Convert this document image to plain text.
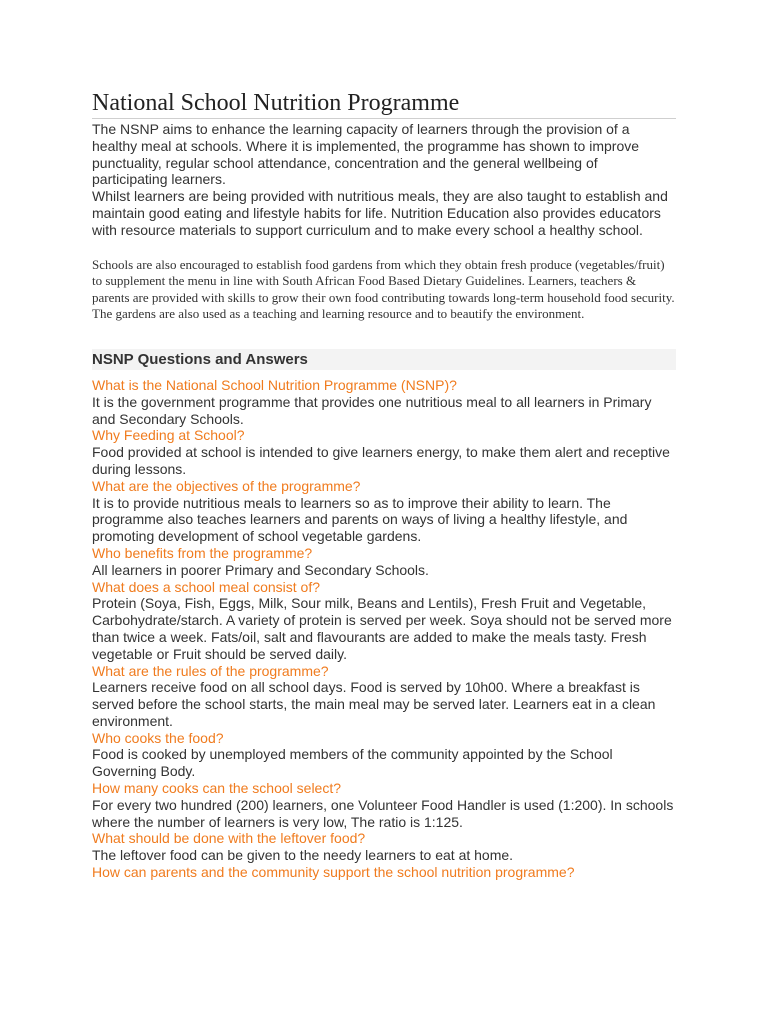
National School Nutrition Programme

The NSNP aims to enhance the learning capacity of learners through the provision of a healthy meal at schools. Where it is implemented, the programme has shown to improve punctuality, regular school attendance, concentration and the general wellbeing of participating learners.

Whilst learners are being provided with nutritious meals, they are also taught to establish and maintain good eating and lifestyle habits for life. Nutrition Education also provides educators with resource materials to support curriculum and to make every school a healthy school.

Schools are also encouraged to establish food gardens from which they obtain fresh produce (vegetables/fruit) to supplement the menu in line with South African Food Based Dietary Guidelines. Learners, teachers & parents are provided with skills to grow their own food contributing towards long-term household food security. The gardens are also used as a teaching and learning resource and to beautify the environment.

NSNP Questions and Answers

What is the National School Nutrition Programme (NSNP)?

It is the government programme that provides one nutritious meal to all learners in Primary and Secondary Schools.

Why Feeding at School?

Food provided at school is intended to give learners energy, to make them alert and receptive during lessons.

What are the objectives of the programme?

It is to provide nutritious meals to learners so as to improve their ability to learn. The programme also teaches learners and parents on ways of living a healthy lifestyle, and promoting development of school vegetable gardens.

Who benefits from the programme?

All learners in poorer Primary and Secondary Schools.

What does a school meal consist of?

Protein (Soya, Fish, Eggs, Milk, Sour milk, Beans and Lentils), Fresh Fruit and Vegetable, Carbohydrate/starch. A variety of protein is served per week. Soya should not be served more than twice a week. Fats/oil, salt and flavourants are added to make the meals tasty. Fresh vegetable or Fruit should be served daily.

What are the rules of the programme?

Learners receive food on all school days. Food is served by 10h00. Where a breakfast is served before the school starts, the main meal may be served later. Learners eat in a clean environment.

Who cooks the food?

Food is cooked by unemployed members of the community appointed by the School Governing Body.

How many cooks can the school select?

For every two hundred (200) learners, one Volunteer Food Handler is used (1:200). In schools where the number of learners is very low, The ratio is 1:125.

What should be done with the leftover food?

The leftover food can be given to the needy learners to eat at home.

How can parents and the community support the school nutrition programme?
